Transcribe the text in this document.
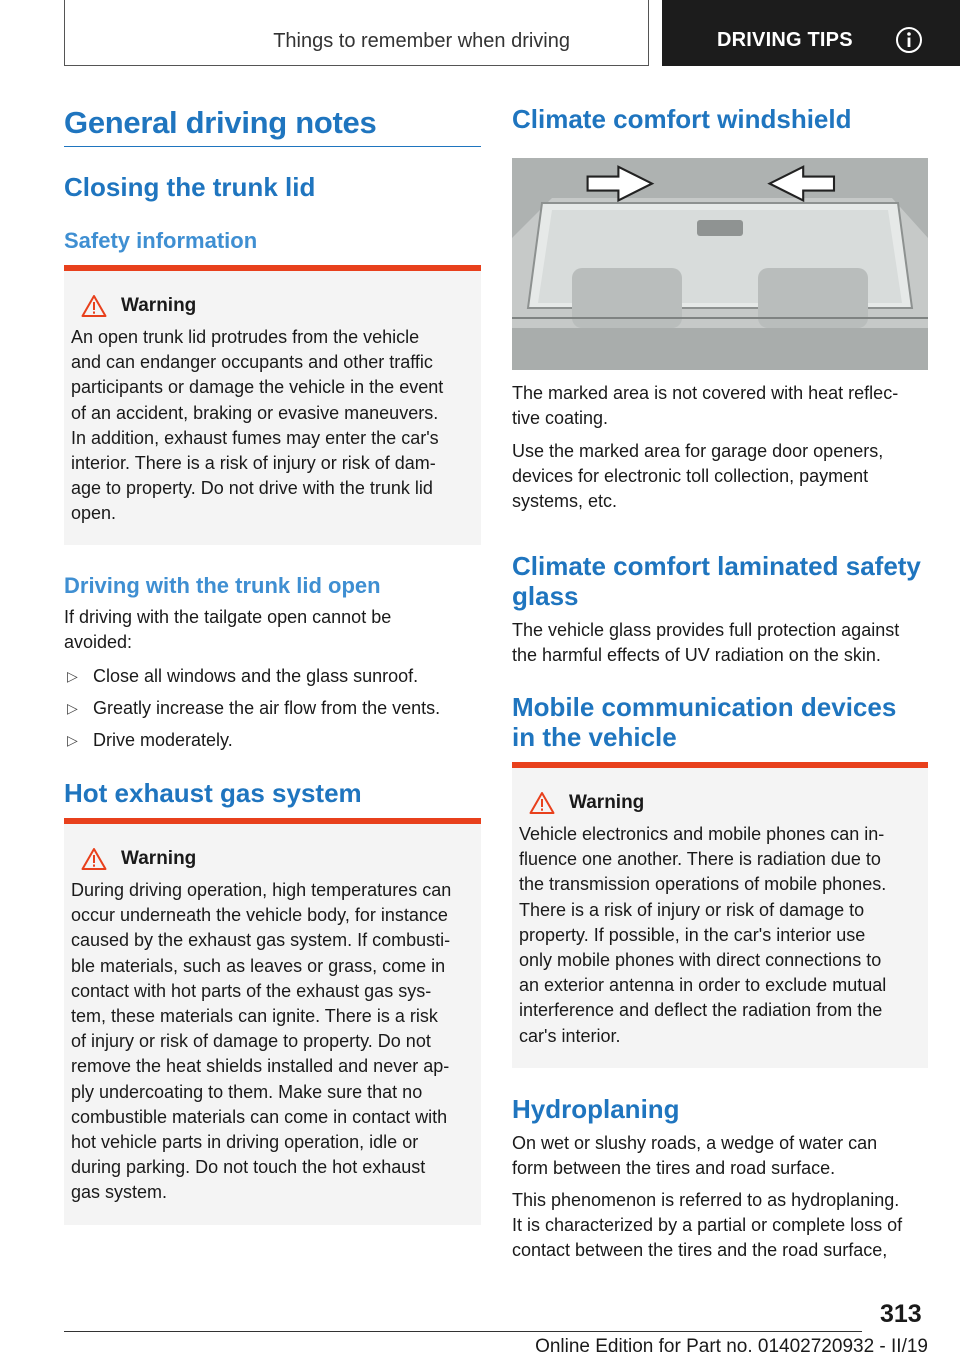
Things to remember when driving	DRIVING TIPS
General driving notes
Closing the trunk lid
Safety information
Warning
An open trunk lid protrudes from the vehicle
and can endanger occupants and other traffic
participants or damage the vehicle in the event
of an accident, braking or evasive maneuvers.
In addition, exhaust fumes may enter the car's
interior. There is a risk of injury or risk of dam-
age to property. Do not drive with the trunk lid
open.
Driving with the trunk lid open
If driving with the tailgate open cannot be
avoided:
▷ Close all windows and the glass sunroof.
▷ Greatly increase the air flow from the vents.
▷ Drive moderately.
Hot exhaust gas system
Warning
During driving operation, high temperatures can
occur underneath the vehicle body, for instance
caused by the exhaust gas system. If combusti-
ble materials, such as leaves or grass, come in
contact with hot parts of the exhaust gas sys-
tem, these materials can ignite. There is a risk
of injury or risk of damage to property. Do not
remove the heat shields installed and never ap-
ply undercoating to them. Make sure that no
combustible materials can come in contact with
hot vehicle parts in driving operation, idle or
during parking. Do not touch the hot exhaust
gas system.
Climate comfort windshield
The marked area is not covered with heat reflec-
tive coating.
Use the marked area for garage door openers,
devices for electronic toll collection, payment
systems, etc.
Climate comfort laminated safety
glass
The vehicle glass provides full protection against
the harmful effects of UV radiation on the skin.
Mobile communication devices
in the vehicle
Warning
Vehicle electronics and mobile phones can in-
fluence one another. There is radiation due to
the transmission operations of mobile phones.
There is a risk of injury or risk of damage to
property. If possible, in the car's interior use
only mobile phones with direct connections to
an exterior antenna in order to exclude mutual
interference and deflect the radiation from the
car's interior.
Hydroplaning
On wet or slushy roads, a wedge of water can
form between the tires and road surface.
This phenomenon is referred to as hydroplaning.
It is characterized by a partial or complete loss of
contact between the tires and the road surface,
313
Online Edition for Part no. 01402720932 - II/19
